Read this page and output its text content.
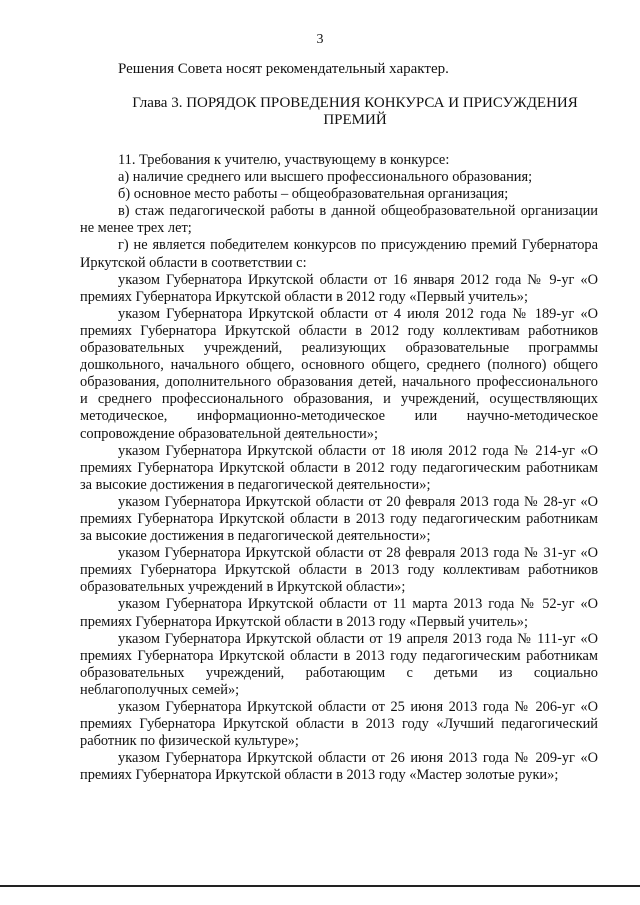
3
Решения Совета носят рекомендательный характер.
Глава 3. ПОРЯДОК ПРОВЕДЕНИЯ КОНКУРСА И ПРИСУЖДЕНИЯ ПРЕМИЙ

11. Требования к учителю, участвующему в конкурсе:

а) наличие среднего или высшего профессионального образования;

б) основное место работы – общеобразовательная организация;

в) стаж педагогической работы в данной общеобразовательной организации не менее трех лет;

г) не является победителем конкурсов по присуждению премий Губернатора Иркутской области в соответствии с:

указом Губернатора Иркутской области от 16 января 2012 года № 9-уг «О премиях Губернатора Иркутской области в 2012 году «Первый учитель»;

указом Губернатора Иркутской области от 4 июля 2012 года № 189-уг «О премиях Губернатора Иркутской области в 2012 году коллективам работников образовательных учреждений, реализующих образовательные программы дошкольного, начального общего, основного общего, среднего (полного) общего образования, дополнительного образования детей, начального профессионального и среднего профессионального образования, и учреждений, осуществляющих методическое, информационно-методическое или научно-методическое сопровождение образовательной деятельности»;

указом Губернатора Иркутской области от 18 июля 2012 года № 214-уг «О премиях Губернатора Иркутской области в 2012 году педагогическим работникам за высокие достижения в педагогической деятельности»;

указом Губернатора Иркутской области от 20 февраля 2013 года № 28-уг «О премиях Губернатора Иркутской области в 2013 году педагогическим работникам за высокие достижения в педагогической деятельности»;

указом Губернатора Иркутской области от 28 февраля 2013 года № 31-уг «О премиях Губернатора Иркутской области в 2013 году коллективам работников образовательных учреждений в Иркутской области»;

указом Губернатора Иркутской области от 11 марта 2013 года № 52-уг «О премиях Губернатора Иркутской области в 2013 году «Первый учитель»;

указом Губернатора Иркутской области от 19 апреля 2013 года № 111-уг «О премиях Губернатора Иркутской области в 2013 году педагогическим работникам образовательных учреждений, работающим с детьми из социально неблагополучных семей»;

указом Губернатора Иркутской области от 25 июня 2013 года № 206-уг «О премиях Губернатора Иркутской области в 2013 году «Лучший педагогический работник по физической культуре»;

указом Губернатора Иркутской области от 26 июня 2013 года № 209-уг «О премиях Губернатора Иркутской области в 2013 году «Мастер золотые руки»;
